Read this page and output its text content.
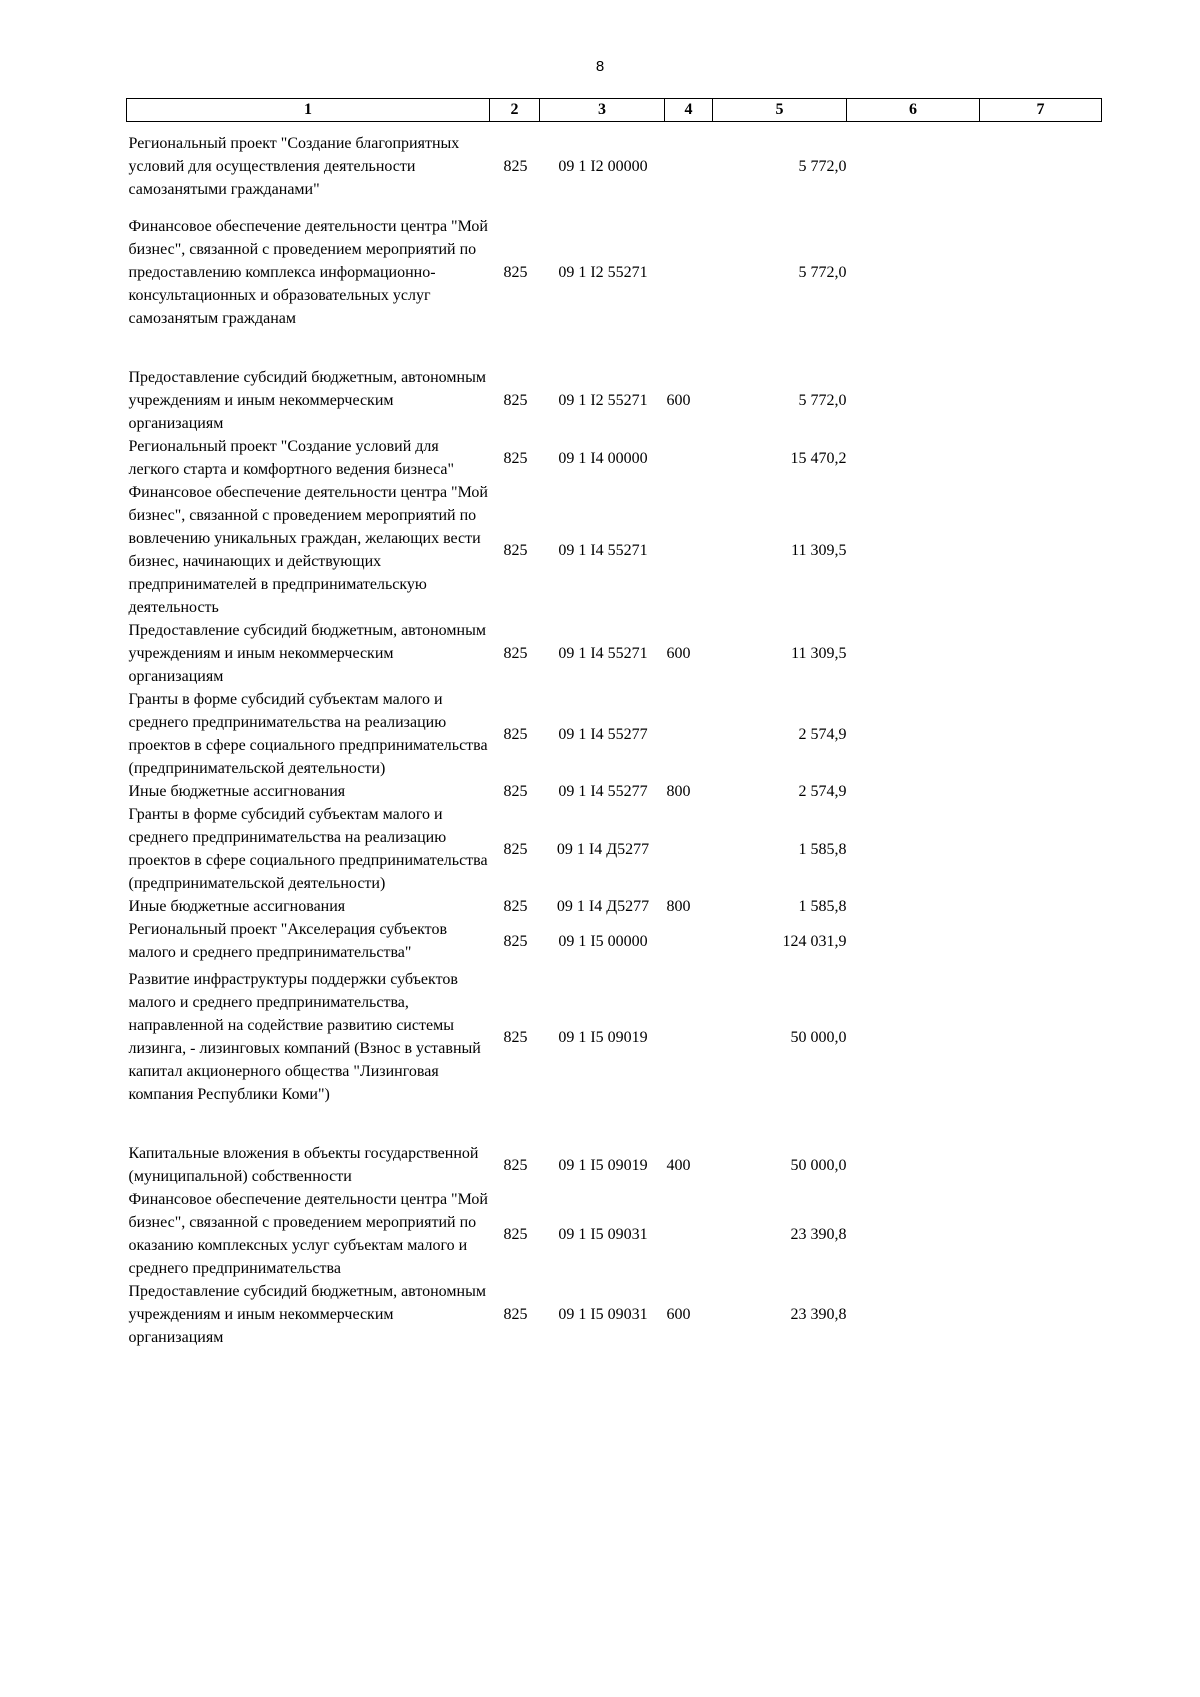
8
1	2	3	4	5	6	7
Региональный проект "Создание благоприятных условий для осуществления деятельности самозанятыми гражданами"	825	09 1 I2 00000		5 772,0		
Финансовое обеспечение деятельности центра "Мой бизнес", связанной с проведением мероприятий по предоставлению комплекса информационно-консультационных и образовательных услуг самозанятым гражданам	825	09 1 I2 55271		5 772,0		
Предоставление субсидий бюджетным, автономным учреждениям и иным некоммерческим организациям	825	09 1 I2 55271	600	5 772,0		
Региональный проект "Создание условий для легкого старта и комфортного ведения бизнеса"	825	09 1 I4 00000		15 470,2		
Финансовое обеспечение деятельности центра "Мой бизнес", связанной с проведением мероприятий по вовлечению уникальных граждан, желающих вести бизнес, начинающих и действующих предпринимателей в предпринимательскую деятельность	825	09 1 I4 55271		11 309,5		
Предоставление субсидий бюджетным, автономным учреждениям и иным некоммерческим организациям	825	09 1 I4 55271	600	11 309,5		
Гранты в форме субсидий субъектам малого и среднего предпринимательства на реализацию проектов в сфере социального предпринимательства (предпринимательской деятельности)	825	09 1 I4 55277		2 574,9		
Иные бюджетные ассигнования	825	09 1 I4 55277	800	2 574,9		
Гранты в форме субсидий субъектам малого и среднего предпринимательства на реализацию проектов в сфере социального предпринимательства (предпринимательской деятельности)	825	09 1 I4 Д5277		1 585,8		
Иные бюджетные ассигнования	825	09 1 I4 Д5277	800	1 585,8		
Региональный проект "Акселерация субъектов малого и среднего предпринимательства"	825	09 1 I5 00000		124 031,9		
Развитие инфраструктуры поддержки субъектов малого и среднего предпринимательства, направленной на содействие развитию системы лизинга, - лизинговых компаний (Взнос в уставный капитал акционерного общества "Лизинговая компания Республики Коми")	825	09 1 I5 09019		50 000,0		
Капитальные вложения в объекты государственной (муниципальной) собственности	825	09 1 I5 09019	400	50 000,0		
Финансовое обеспечение деятельности центра "Мой бизнес", связанной с проведением мероприятий по оказанию комплексных услуг субъектам малого и среднего предпринимательства	825	09 1 I5 09031		23 390,8		
Предоставление субсидий бюджетным, автономным учреждениям и иным некоммерческим организациям	825	09 1 I5 09031	600	23 390,8		
